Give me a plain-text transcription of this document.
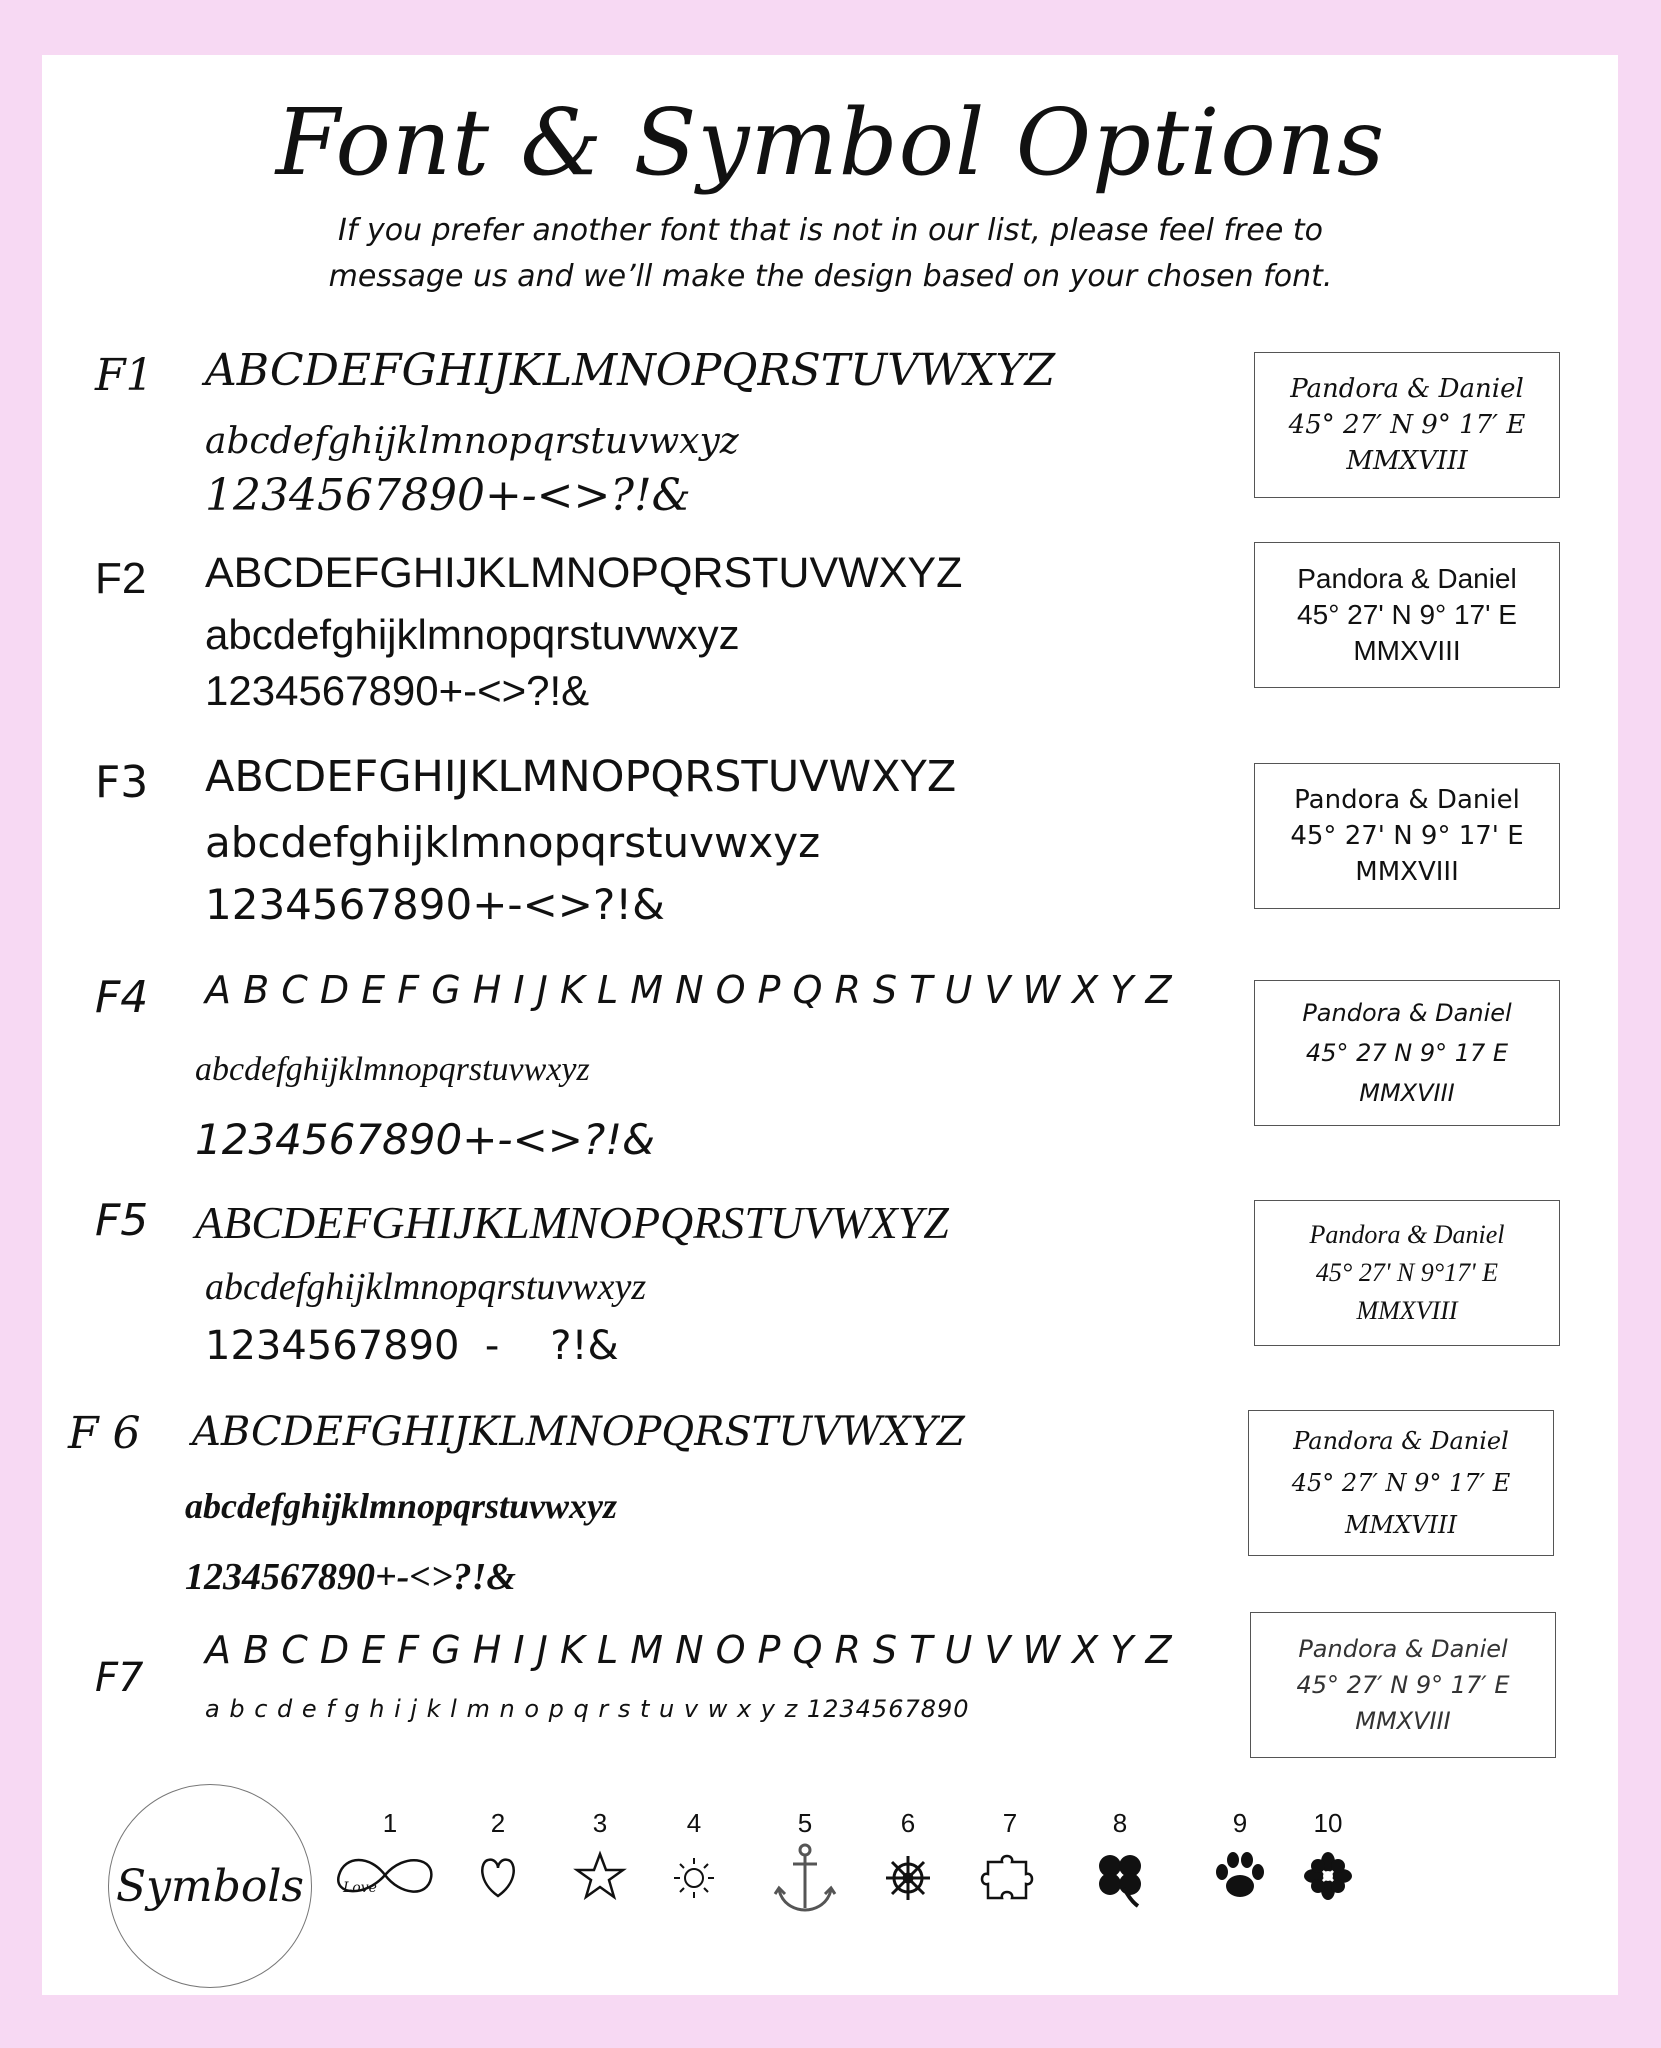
Font & Symbol Options
If you prefer another font that is not in our list, please feel free to
message us and we’ll make the design based on your chosen font.
F1	ABCDEFGHIJKLMNOPQRSTUVWXYZ
abcdefghijklmnopqrstuvwxyz
1234567890+-<>?!&
Pandora & Daniel
45° 27′ N 9° 17′ E
MMXVIII
F2	ABCDEFGHIJKLMNOPQRSTUVWXYZ
abcdefghijklmnopqrstuvwxyz
1234567890+-<>?!&
Pandora & Daniel
45° 27' N 9° 17' E
MMXVIII
F3	ABCDEFGHIJKLMNOPQRSTUVWXYZ
abcdefghijklmnopqrstuvwxyz
1234567890+-<>?!&
Pandora & Daniel
45° 27' N 9° 17' E
MMXVIII
F4	A B C D E F G H I J K L M N O P Q R S T U V W X Y Z
abcdefghijklmnopqrstuvwxyz
1234567890+-<>?!&
Pandora & Daniel
45° 27 N 9° 17 E
MMXVIII
F5	ABCDEFGHIJKLMNOPQRSTUVWXYZ
abcdefghijklmnopqrstuvwxyz
1234567890  -    ?!&
Pandora & Daniel
45° 27' N 9°17' E
MMXVIII
F 6 ABCDEFGHIJKLMNOPQRSTUVWXYZ
abcdefghijklmnopqrstuvwxyz
1234567890+-<>?!&
Pandora & Daniel
45° 27′ N 9° 17′ E
MMXVIII
F7
A B C D E F G H I J K L M N O P Q R S T U V W X Y Z
a b c d e f g h i j k l m n o p q r s t u v w x y z 1234567890
Pandora & Daniel
45° 27′ N 9° 17′ E
MMXVIII
Symbols
1	2	3	4	5	6	7	8	9	10
Love
